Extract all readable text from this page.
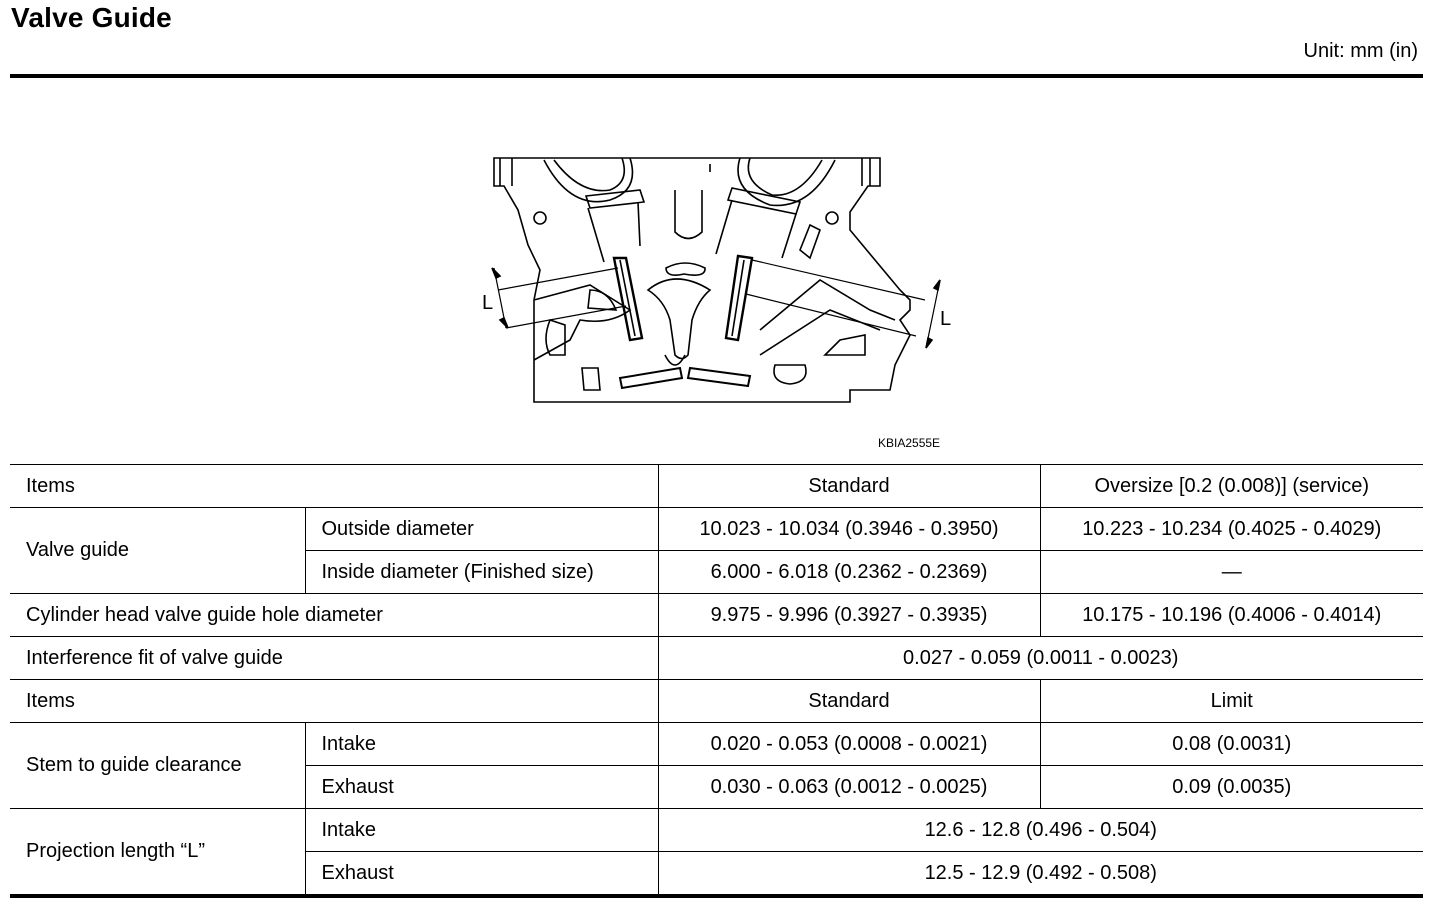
Valve Guide
Unit: mm (in)
L
L
KBIA2555E
Items		Standard	Oversize [0.2 (0.008)] (service)
Valve guide	Outside diameter	10.023 - 10.034 (0.3946 - 0.3950)	10.223 - 10.234 (0.4025 - 0.4029)
	Inside diameter (Finished size)	6.000 - 6.018 (0.2362 - 0.2369)	—
Cylinder head valve guide hole diameter		9.975 - 9.996 (0.3927 - 0.3935)	10.175 - 10.196 (0.4006 - 0.4014)
Interference fit of valve guide		0.027 - 0.059 (0.0011 - 0.0023)	
Items		Standard	Limit
Stem to guide clearance	Intake	0.020 - 0.053 (0.0008 - 0.0021)	0.08 (0.0031)
	Exhaust	0.030 - 0.063 (0.0012 - 0.0025)	0.09 (0.0035)
Projection length “L”	Intake	12.6 - 12.8 (0.496 - 0.504)	
	Exhaust	12.5 - 12.9 (0.492 - 0.508)	
